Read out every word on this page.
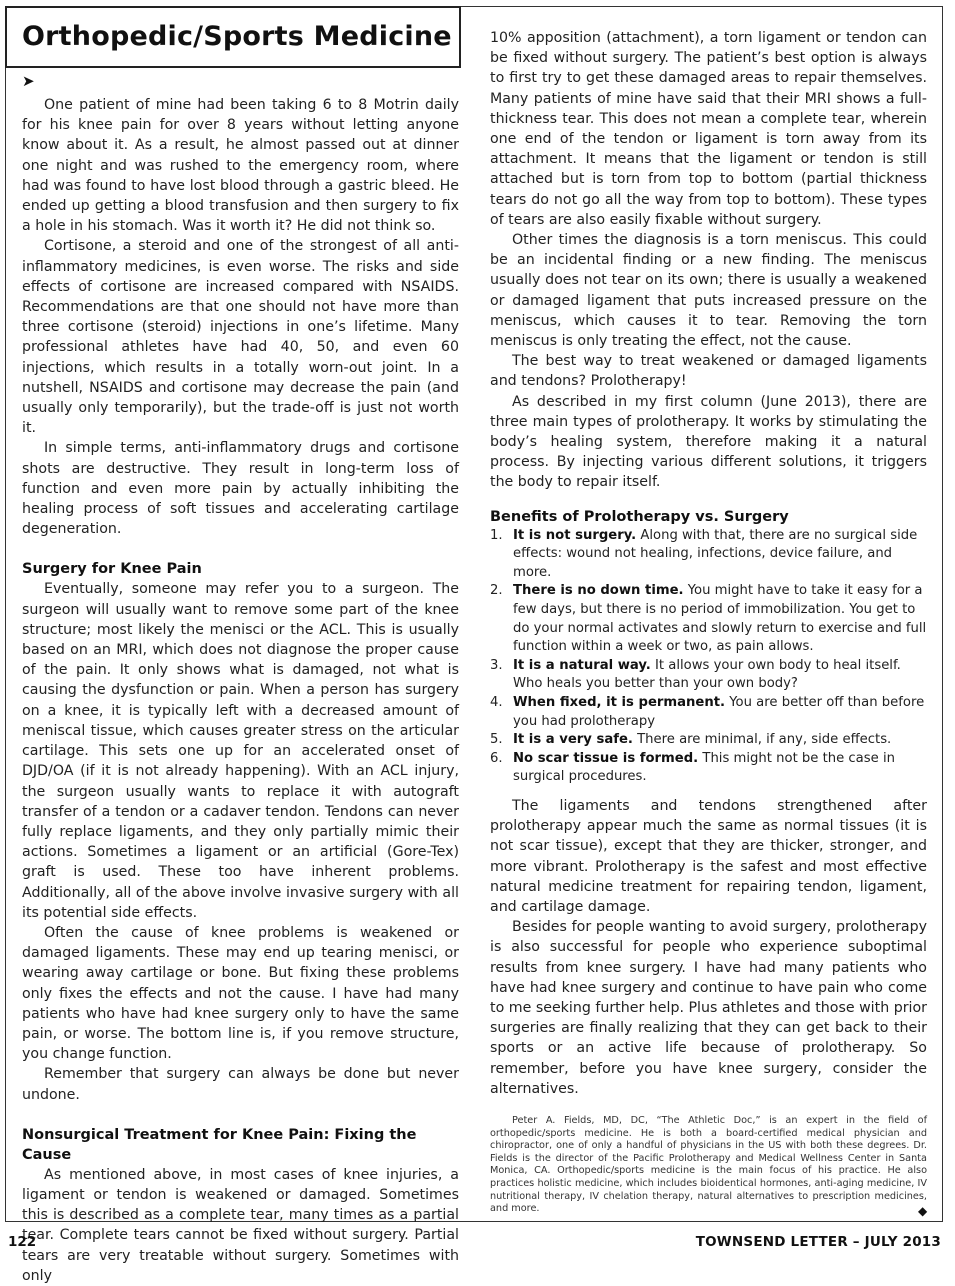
Orthopedic/Sports Medicine
➤

One patient of mine had been taking 6 to 8 Motrin daily for his knee pain for over 8 years without letting anyone know about it. As a result, he almost passed out at dinner one night and was rushed to the emergency room, where had was found to have lost blood through a gastric bleed. He ended up getting a blood transfusion and then surgery to fix a hole in his stomach. Was it worth it? He did not think so.

Cortisone, a steroid and one of the strongest of all anti-inflammatory medicines, is even worse. The risks and side effects of cortisone are increased compared with NSAIDS. Recommendations are that one should not have more than three cortisone (steroid) injections in one’s lifetime. Many professional athletes have had 40, 50, and even 60 injections, which results in a totally worn-out joint. In a nutshell, NSAIDS and cortisone may decrease the pain (and usually only temporarily), but the trade-off is just not worth it.

In simple terms, anti-inflammatory drugs and cortisone shots are destructive. They result in long-term loss of function and even more pain by actually inhibiting the healing process of soft tissues and accelerating cartilage degeneration.

Surgery for Knee Pain

Eventually, someone may refer you to a surgeon. The surgeon will usually want to remove some part of the knee structure; most likely the menisci or the ACL. This is usually based on an MRI, which does not diagnose the proper cause of the pain. It only shows what is damaged, not what is causing the dysfunction or pain. When a person has surgery on a knee, it is typically left with a decreased amount of meniscal tissue, which causes greater stress on the articular cartilage. This sets one up for an accelerated onset of DJD/OA (if it is not already happening). With an ACL injury, the surgeon usually wants to replace it with autograft transfer of a tendon or a cadaver tendon. Tendons can never fully replace ligaments, and they only partially mimic their actions. Sometimes a ligament or an artificial (Gore-Tex) graft is used. These too have inherent problems. Additionally, all of the above involve invasive surgery with all its potential side effects.

Often the cause of knee problems is weakened or damaged ligaments. These may end up tearing menisci, or wearing away cartilage or bone. But fixing these problems only fixes the effects and not the cause. I have had many patients who have had knee surgery only to have the same pain, or worse. The bottom line is, if you remove structure, you change function.

Remember that surgery can always be done but never undone.

Nonsurgical Treatment for Knee Pain: Fixing the Cause

As mentioned above, in most cases of knee injuries, a ligament or tendon is weakened or damaged. Sometimes this is described as a complete tear, many times as a partial tear. Complete tears cannot be fixed without surgery. Partial tears are very treatable without surgery. Sometimes with only

10% apposition (attachment), a torn ligament or tendon can be fixed without surgery. The patient’s best option is always to first try to get these damaged areas to repair themselves. Many patients of mine have said that their MRI shows a full-thickness tear. This does not mean a complete tear, wherein one end of the tendon or ligament is torn away from its attachment. It means that the ligament or tendon is still attached but is torn from top to bottom (partial thickness tears do not go all the way from top to bottom). These types of tears are also easily fixable without surgery.

Other times the diagnosis is a torn meniscus. This could be an incidental finding or a new finding. The meniscus usually does not tear on its own; there is usually a weakened or damaged ligament that puts increased pressure on the meniscus, which causes it to tear. Removing the torn meniscus is only treating the effect, not the cause.

The best way to treat weakened or damaged ligaments and tendons? Prolotherapy!

As described in my first column (June 2013), there are three main types of prolotherapy. It works by stimulating the body’s healing system, therefore making it a natural process. By injecting various different solutions, it triggers the body to repair itself.

Benefits of Prolotherapy vs. Surgery
1. It is not surgery. Along with that, there are no surgical side effects: wound not healing, infections, device failure, and more.
2. There is no down time. You might have to take it easy for a few days, but there is no period of immobilization. You get to do your normal activates and slowly return to exercise and full function within a week or two, as pain allows.
3. It is a natural way. It allows your own body to heal itself. Who heals you better than your own body?
4. When fixed, it is permanent. You are better off than before you had prolotherapy
5. It is a very safe. There are minimal, if any, side effects.
6. No scar tissue is formed. This might not be the case in surgical procedures.

The ligaments and tendons strengthened after prolotherapy appear much the same as normal tissues (it is not scar tissue), except that they are thicker, stronger, and more vibrant. Prolotherapy is the safest and most effective natural medicine treatment for repairing tendon, ligament, and cartilage damage.

Besides for people wanting to avoid surgery, prolotherapy is also successful for people who experience suboptimal results from knee surgery. I have had many patients who have had knee surgery and continue to have pain who come to me seeking further help. Plus athletes and those with prior surgeries are finally realizing that they can get back to their sports or an active life because of prolotherapy. So remember, before you have knee surgery, consider the alternatives.

Peter A. Fields, MD, DC, “The Athletic Doc,” is an expert in the field of orthopedic/sports medicine. He is both a board-certified medical physician and chiropractor, one of only a handful of physicians in the US with both these degrees. Dr. Fields is the director of the Pacific Prolotherapy and Medical Wellness Center in Santa Monica, CA. Orthopedic/sports medicine is the main focus of his practice. He also practices holistic medicine, which includes bioidentical hormones, anti-aging medicine, IV nutritional therapy, IV chelation therapy, natural alternatives to prescription medicines, and more.	◆
122	TOWNSEND LETTER – JULY 2013
